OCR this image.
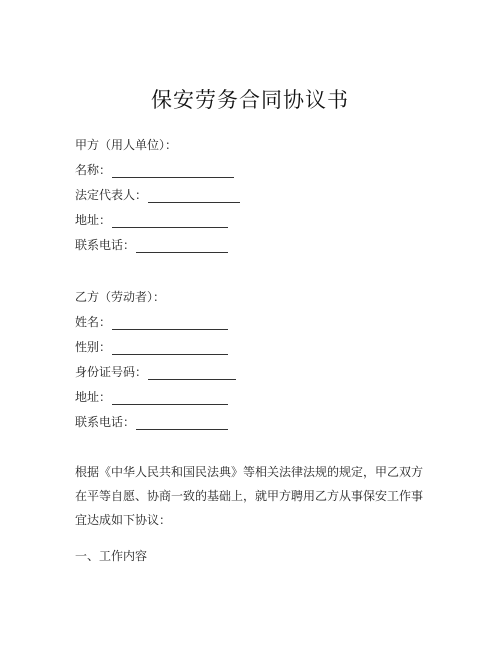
保安劳务合同协议书
甲方（用人单位）：
名称：
法定代表人：
地址：
联系电话：
乙方（劳动者）：
姓名：
性别：
身份证号码：
地址：
联系电话：
根据《中华人民共和国民法典》等相关法律法规的规定，甲乙双方在平等自愿、协商一致的基础上，就甲方聘用乙方从事保安工作事宜达成如下协议：
一、工作内容
